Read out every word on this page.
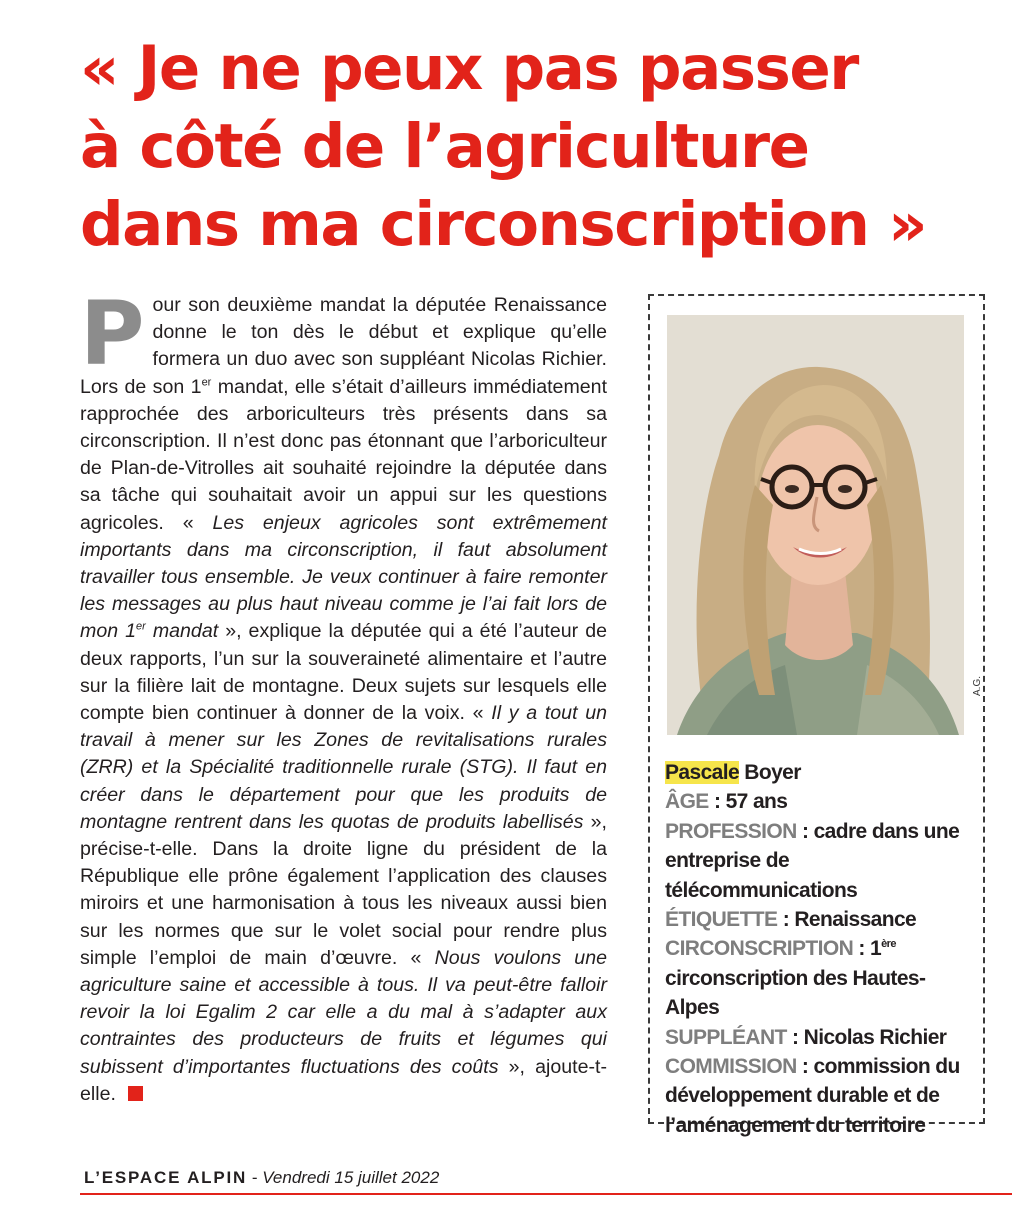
« Je ne peux pas passer
à côté de l’agriculture
dans ma circonscription »

Pour son deuxième mandat la députée Renaissance donne le ton dès le début et explique qu’elle formera un duo avec son suppléant Nicolas Richier. Lors de son 1er mandat, elle s’était d’ailleurs immédiatement rapprochée des arboriculteurs très présents dans sa circonscription. Il n’est donc pas étonnant que l’arboriculteur de Plan-de-Vitrolles ait souhaité rejoindre la députée dans sa tâche qui souhaitait avoir un appui sur les questions agricoles. « Les enjeux agricoles sont extrêmement importants dans ma circonscription, il faut absolument travailler tous ensemble. Je veux continuer à faire remonter les messages au plus haut niveau comme je l’ai fait lors de mon 1er mandat », explique la députée qui a été l’auteur de deux rapports, l’un sur la souveraineté alimentaire et l’autre sur la filière lait de montagne. Deux sujets sur lesquels elle compte bien continuer à donner de la voix. « Il y a tout un travail à mener sur les Zones de revitalisations rurales (ZRR) et la Spécialité traditionnelle rurale (STG). Il faut en créer dans le département pour que les produits de montagne rentrent dans les quotas de produits labellisés », précise-t-elle. Dans la droite ligne du président de la République elle prône également l’application des clauses miroirs et une harmonisation à tous les niveaux aussi bien sur les normes que sur le volet social pour rendre plus simple l’emploi de main d’œuvre. « Nous voulons une agriculture saine et accessible à tous. Il va peut-être falloir revoir la loi Egalim 2 car elle a du mal à s’adapter aux contraintes des producteurs de fruits et légumes qui subissent d’importantes fluctuations des coûts », ajoute-t-elle.

A.G.

Pascale Boyer

ÂGE : 57 ans

PROFESSION : cadre dans une entreprise de télécommunications

ÉTIQUETTE : Renaissance

CIRCONSCRIPTION : 1ère circonscription des Hautes-Alpes

SUPPLÉANT : Nicolas Richier

COMMISSION : commission du développement durable et de l’aménagement du territoire

L’ESPACE ALPIN - Vendredi 15 juillet 2022
